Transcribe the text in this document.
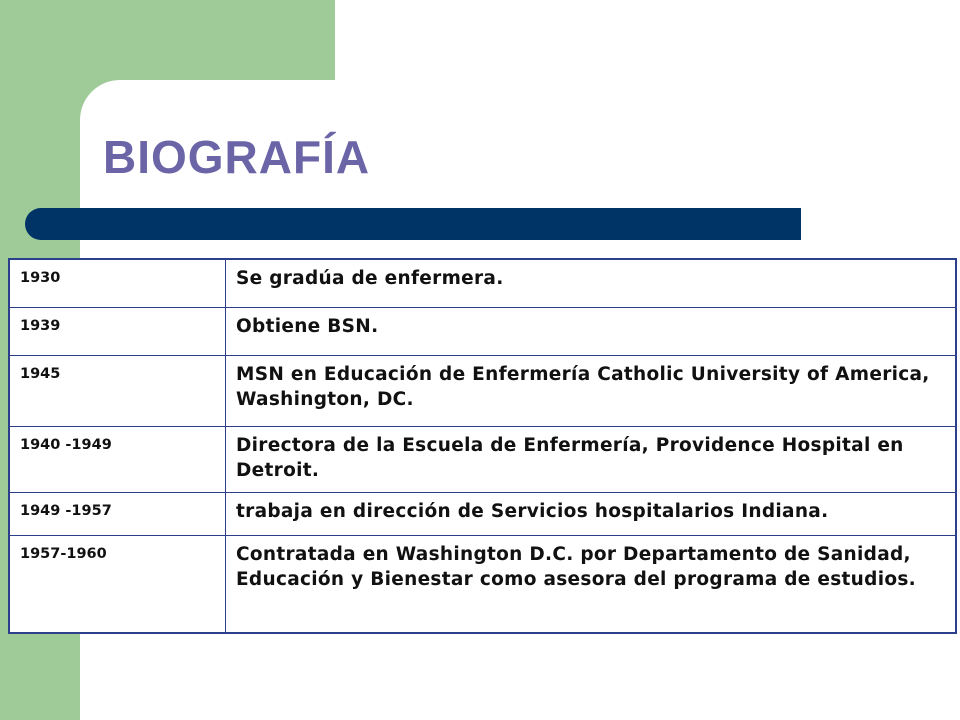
BIOGRAFÍA
1930	Se gradúa de enfermera.
1939	Obtiene BSN.
1945	MSN en Educación de Enfermería Catholic University of America, Washington, DC.
1940 -1949	Directora de la Escuela de Enfermería, Providence Hospital en Detroit.
1949 -1957	trabaja en dirección de Servicios hospitalarios Indiana.
1957-1960	Contratada en Washington D.C. por Departamento de Sanidad, Educación y Bienestar como asesora del programa de estudios.
